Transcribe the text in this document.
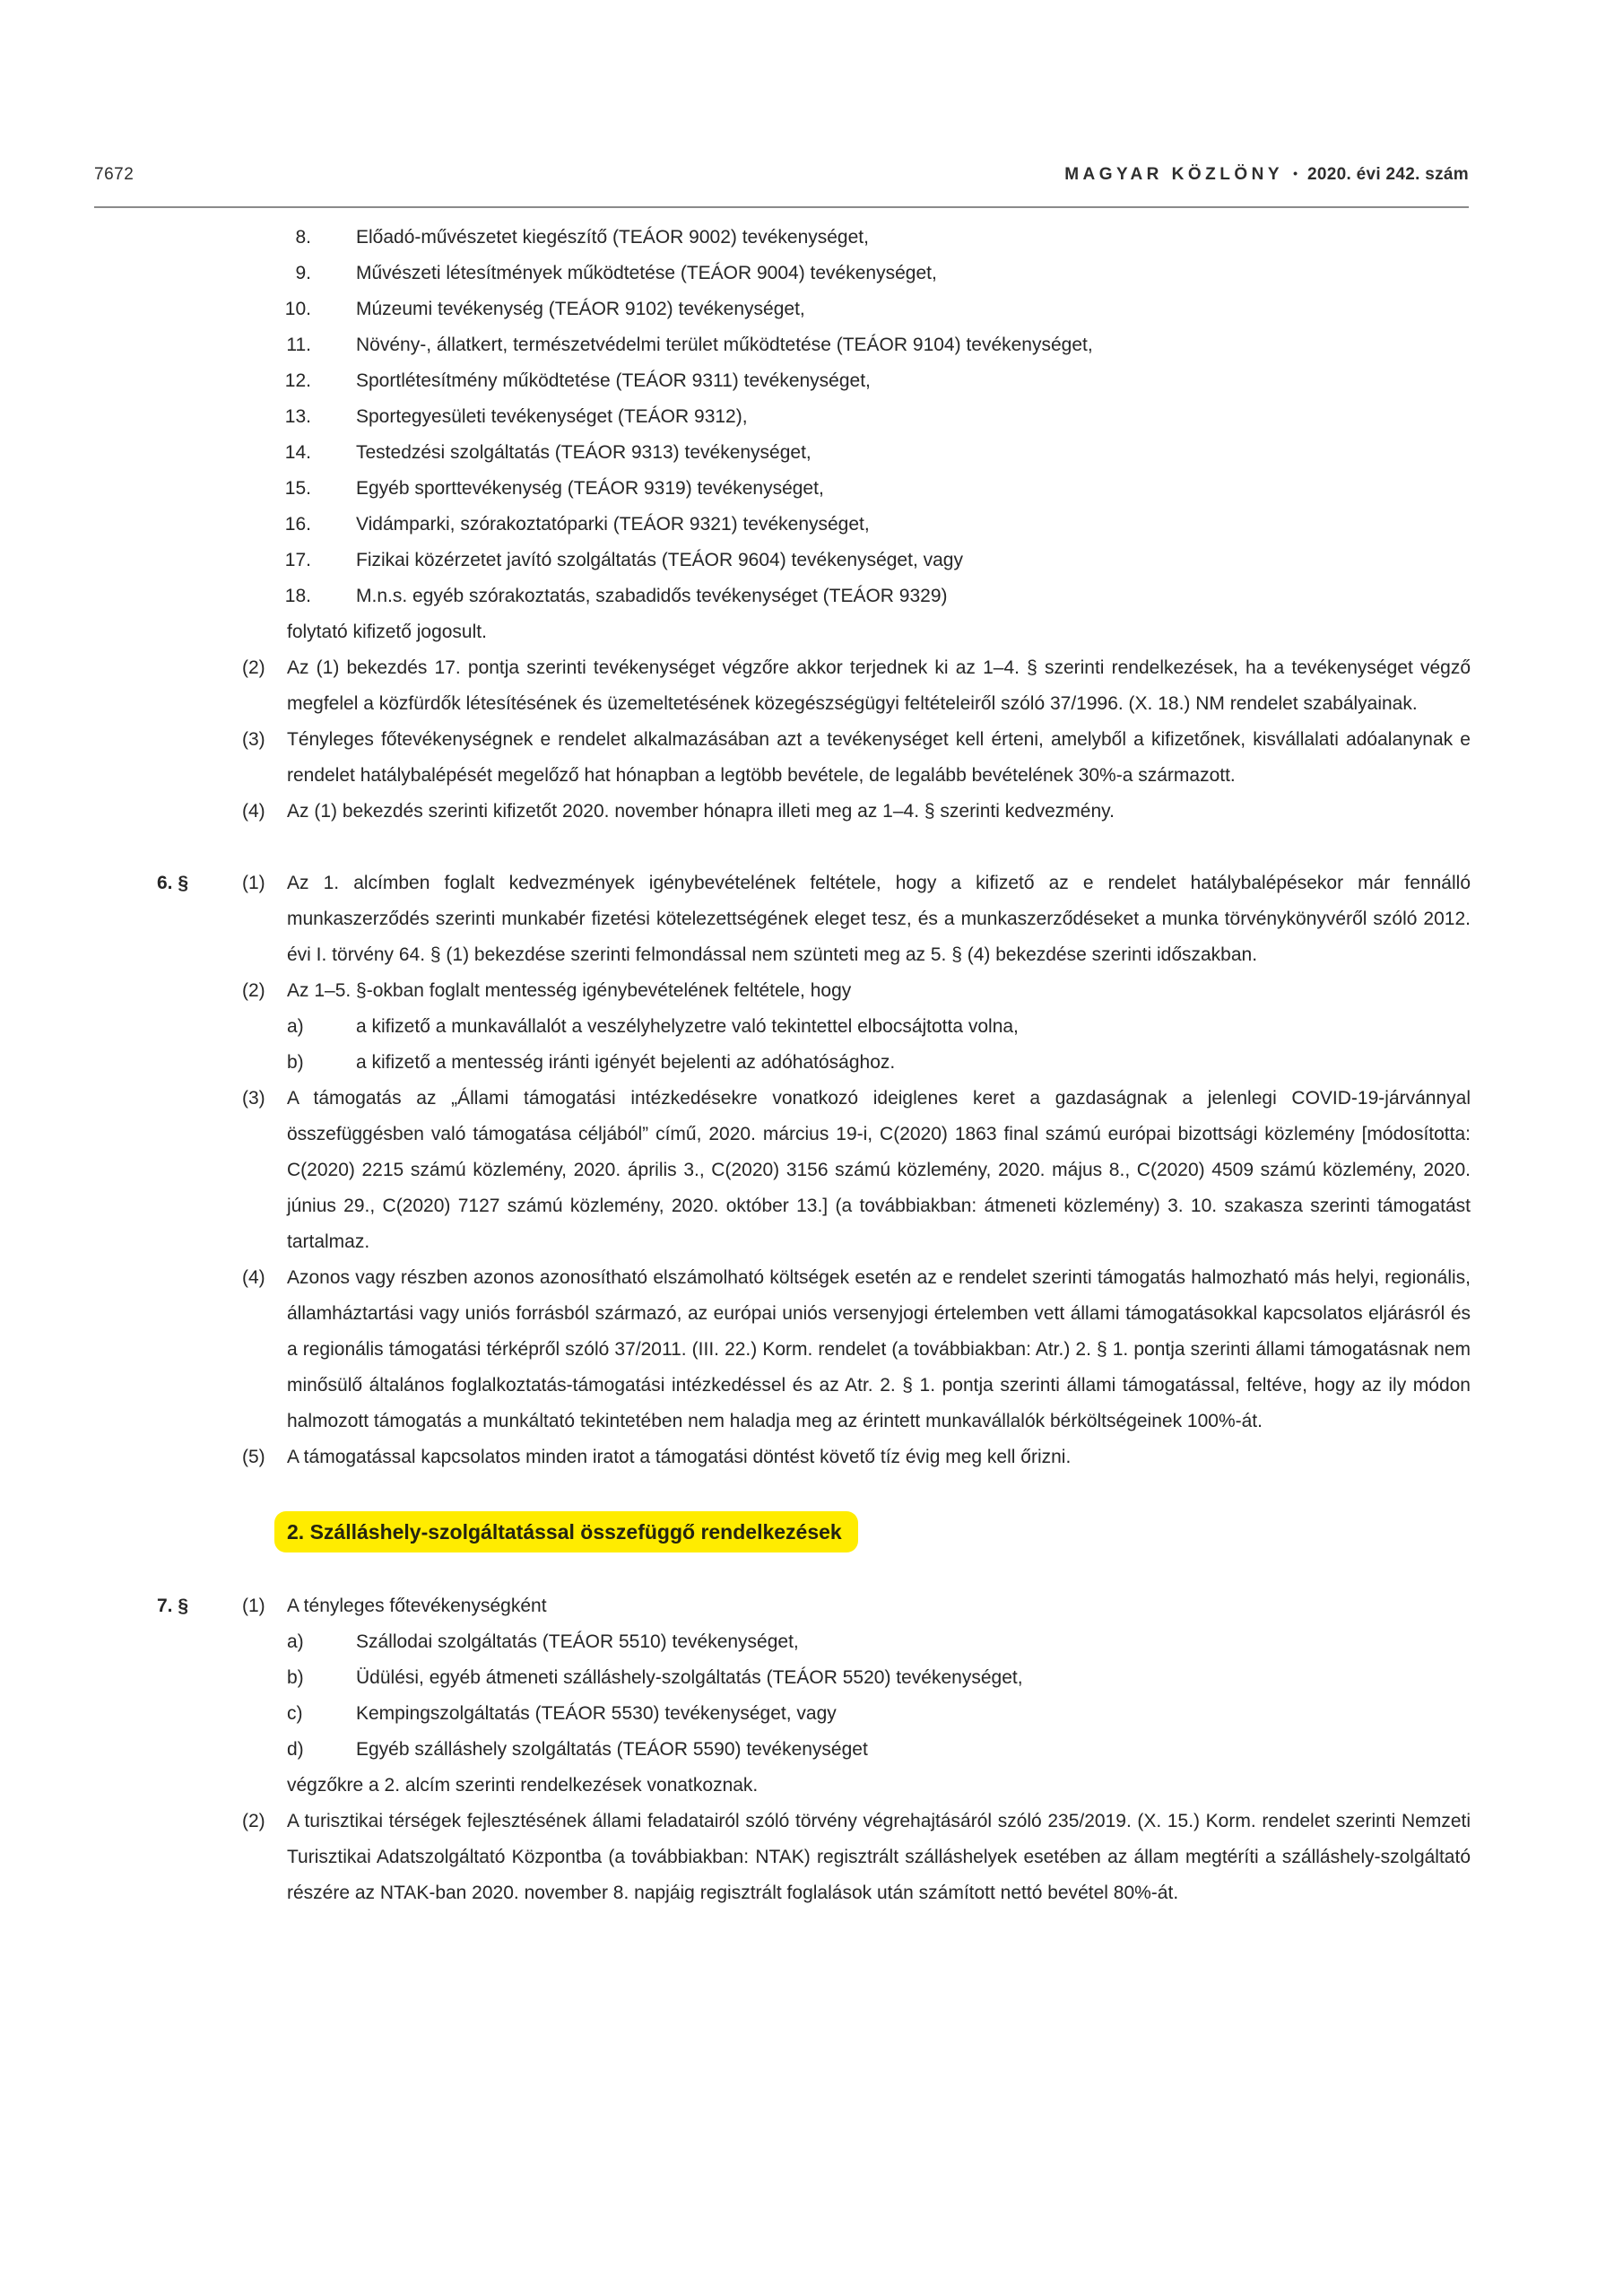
7672	MAGYAR KÖZLÖNY • 2020. évi 242. szám
8. Előadó-művészetet kiegészítő (TEÁOR 9002) tevékenységet,
9. Művészeti létesítmények működtetése (TEÁOR 9004) tevékenységet,
10. Múzeumi tevékenység (TEÁOR 9102) tevékenységet,
11. Növény-, állatkert, természetvédelmi terület működtetése (TEÁOR 9104) tevékenységet,
12. Sportlétesítmény működtetése (TEÁOR 9311) tevékenységet,
13. Sportegyesületi tevékenységet (TEÁOR 9312),
14. Testedzési szolgáltatás (TEÁOR 9313) tevékenységet,
15. Egyéb sporttevékenység (TEÁOR 9319) tevékenységet,
16. Vidámparki, szórakoztatóparki (TEÁOR 9321) tevékenységet,
17. Fizikai közérzetet javító szolgáltatás (TEÁOR 9604) tevékenységet, vagy
18. M.n.s. egyéb szórakoztatás, szabadidős tevékenységet (TEÁOR 9329)
folytató kifizető jogosult.
(2)	Az (1) bekezdés 17. pontja szerinti tevékenységet végzőre akkor terjednek ki az 1–4. § szerinti rendelkezések, ha a tevékenységet végző megfelel a közfürdők létesítésének és üzemeltetésének közegészségügyi feltételeiről szóló 37/1996. (X. 18.) NM rendelet szabályainak.
(3)	Tényleges főtevékenységnek e rendelet alkalmazásában azt a tevékenységet kell érteni, amelyből a kifizetőnek, kisvállalati adóalanynak e rendelet hatálybalépését megelőző hat hónapban a legtöbb bevétele, de legalább bevételének 30%-a származott.
(4)	Az (1) bekezdés szerinti kifizetőt 2020. november hónapra illeti meg az 1–4. § szerinti kedvezmény.
6. §	(1)	Az 1. alcímben foglalt kedvezmények igénybevételének feltétele, hogy a kifizető az e rendelet hatálybalépésekor már fennálló munkaszerződés szerinti munkabér fizetési kötelezettségének eleget tesz, és a munkaszerződéseket a munka törvénykönyvéről szóló 2012. évi I. törvény 64. § (1) bekezdése szerinti felmondással nem szünteti meg az 5. § (4) bekezdése szerinti időszakban.
(2)	Az 1–5. §-okban foglalt mentesség igénybevételének feltétele, hogy
a)	a kifizető a munkavállalót a veszélyhelyzetre való tekintettel elbocsájtotta volna,
b)	a kifizető a mentesség iránti igényét bejelenti az adóhatósághoz.
(3)	A támogatás az „Állami támogatási intézkedésekre vonatkozó ideiglenes keret a gazdaságnak a jelenlegi COVID-19-járvánnyal összefüggésben való támogatása céljából” című, 2020. március 19-i, C(2020) 1863 final számú európai bizottsági közlemény [módosította: C(2020) 2215 számú közlemény, 2020. április 3., C(2020) 3156 számú közlemény, 2020. május 8., C(2020) 4509 számú közlemény, 2020. június 29., C(2020) 7127 számú közlemény, 2020. október 13.] (a továbbiakban: átmeneti közlemény) 3. 10. szakasza szerinti támogatást tartalmaz.
(4)	Azonos vagy részben azonos azonosítható elszámolható költségek esetén az e rendelet szerinti támogatás halmozható más helyi, regionális, államháztartási vagy uniós forrásból származó, az európai uniós versenyjogi értelemben vett állami támogatásokkal kapcsolatos eljárásról és a regionális támogatási térképről szóló 37/2011. (III. 22.) Korm. rendelet (a továbbiakban: Atr.) 2. § 1. pontja szerinti állami támogatásnak nem minősülő általános foglalkoztatás-támogatási intézkedéssel és az Atr. 2. § 1. pontja szerinti állami támogatással, feltéve, hogy az ily módon halmozott támogatás a munkáltató tekintetében nem haladja meg az érintett munkavállalók bérköltségeinek 100%-át.
(5)	A támogatással kapcsolatos minden iratot a támogatási döntést követő tíz évig meg kell őrizni.
2. Szálláshely-szolgáltatással összefüggő rendelkezések
7. §	(1)	A tényleges főtevékenységként
a)	Szállodai szolgáltatás (TEÁOR 5510) tevékenységet,
b)	Üdülési, egyéb átmeneti szálláshely-szolgáltatás (TEÁOR 5520) tevékenységet,
c)	Kempingszolgáltatás (TEÁOR 5530) tevékenységet, vagy
d)	Egyéb szálláshely szolgáltatás (TEÁOR 5590) tevékenységet
végzőkre a 2. alcím szerinti rendelkezések vonatkoznak.
(2)	A turisztikai térségek fejlesztésének állami feladatairól szóló törvény végrehajtásáról szóló 235/2019. (X. 15.) Korm. rendelet szerinti Nemzeti Turisztikai Adatszolgáltató Központba (a továbbiakban: NTAK) regisztrált szálláshelyek esetében az állam megtéríti a szálláshely-szolgáltató részére az NTAK-ban 2020. november 8. napjáig regisztrált foglalások után számított nettó bevétel 80%-át.
